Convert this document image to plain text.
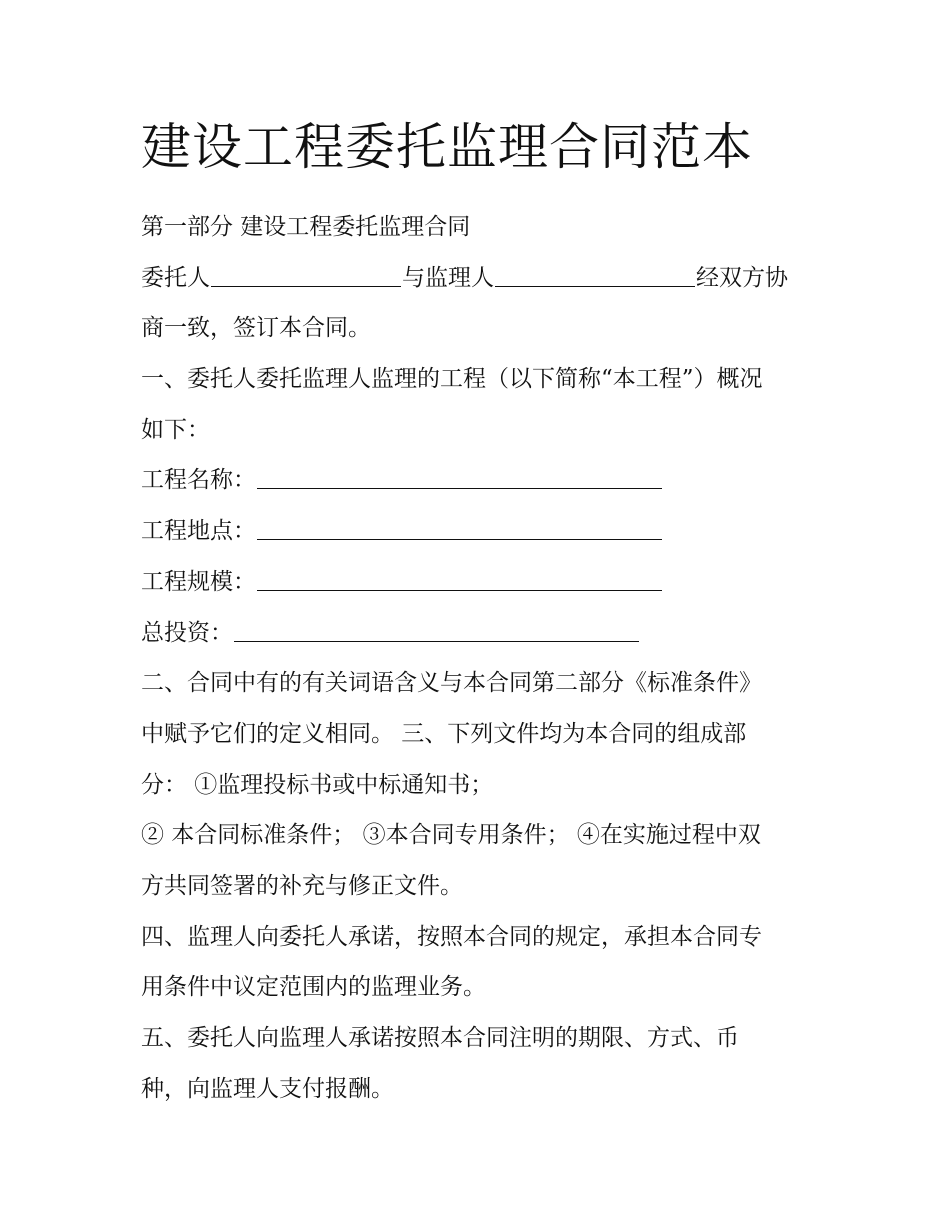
建设工程委托监理合同范本

第一部分 建设工程委托监理合同

委托人	与监理人	经双方协

商一致，签订本合同。

一、委托人委托监理人监理的工程（以下简称“本工程”）概况

如下：

工程名称：

工程地点：

工程规模：

总投资：

二、合同中有的有关词语含义与本合同第二部分《标准条件》

中赋予它们的定义相同。 三、下列文件均为本合同的组成部

分： ①监理投标书或中标通知书；

② 本合同标准条件； ③本合同专用条件； ④在实施过程中双

方共同签署的补充与修正文件。

四、监理人向委托人承诺，按照本合同的规定，承担本合同专

用条件中议定范围内的监理业务。

五、委托人向监理人承诺按照本合同注明的期限、方式、币

种，向监理人支付报酬。
